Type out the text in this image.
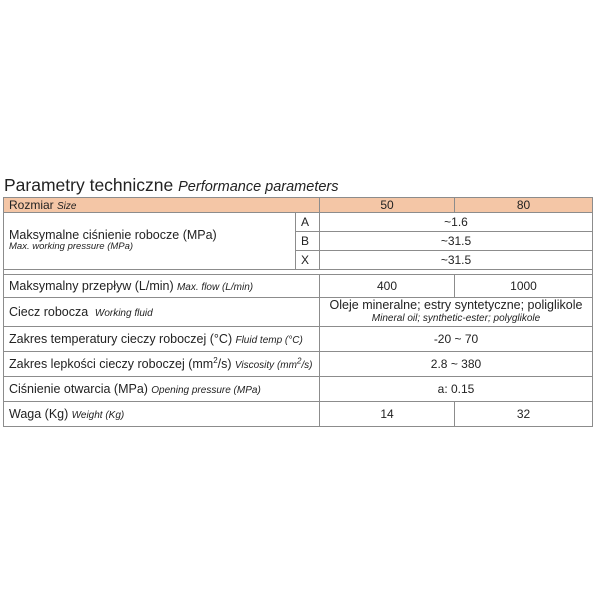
Parametry techniczne Performance parameters
Rozmiar Size		50	80

Maksymalne ciśnienie robocze (MPa)
Max. working pressure (MPa)	A	~1.6	
	B	~31.5	
	X	~31.5	

Maksymalny przepływ (L/min) Max. flow (L/min)		400	1000
Ciecz robocza Working fluid		Oleje mineralne; estry syntetyczne; poliglikole
Mineral oil; synthetic-ester; polyglikole	

Zakres temperatury cieczy roboczej (°C) Fluid temp (°C)		-20 ~ 70	
Zakres lepkości cieczy roboczej $(mm^2/s)$ Viscosity $(mm^2/s)$		2.8 ~ 380	
Ciśnienie otwarcia (MPa) Opening pressure (MPa)		a: 0.15	
Waga (Kg) Weight (Kg)		14	32
